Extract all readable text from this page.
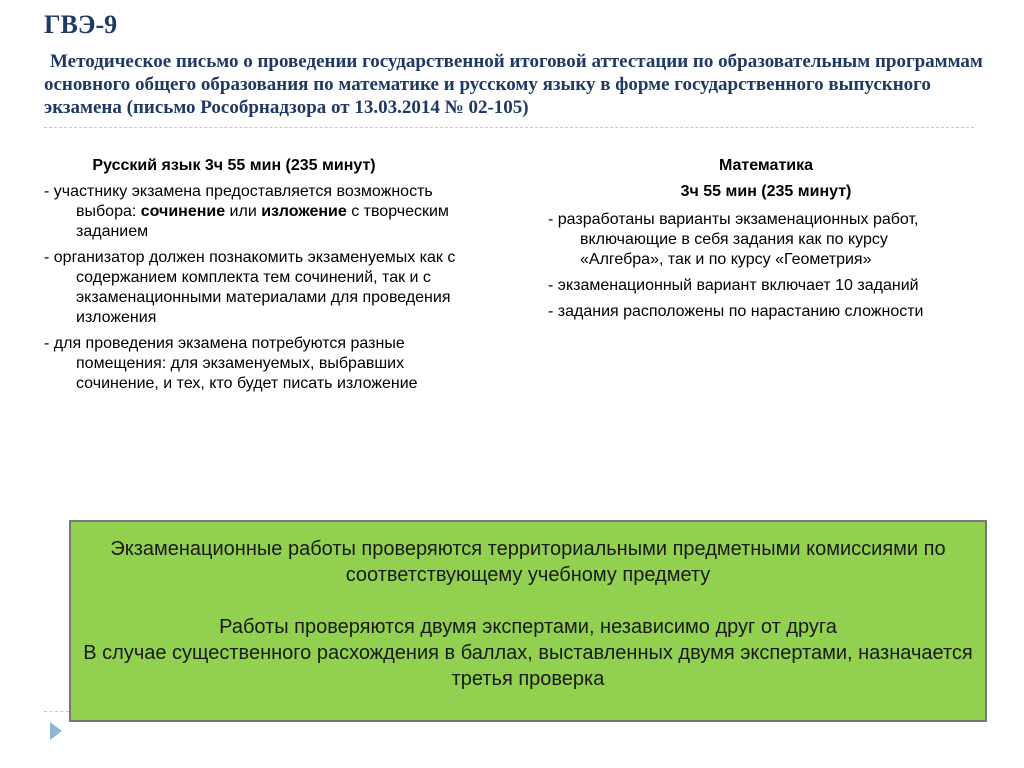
ГВЭ-9
Методическое письмо о проведении государственной итоговой аттестации по образовательным программам основного общего образования по математике и русскому языку в форме государственного выпускного экзамена (письмо Рособрнадзора от 13.03.2014 № 02-105)

Русский язык 3ч 55 мин (235 минут)

- участнику экзамена предоставляется возможность выбора: сочинение или изложение с творческим заданием

- организатор должен познакомить экзаменуемых как с содержанием комплекта тем сочинений, так и с экзаменационными материалами для проведения изложения

- для проведения экзамена потребуются разные помещения: для экзаменуемых, выбравших сочинение, и тех, кто будет писать изложение

Математика

3ч 55 мин (235 минут)

- разработаны варианты экзаменационных работ, включающие в себя задания как по курсу «Алгебра», так и по курсу «Геометрия»

- экзаменационный вариант включает 10 заданий

- задания расположены по нарастанию сложности

Экзаменационные работы проверяются территориальными предметными комиссиями по соответствующему учебному предмету

Работы проверяются двумя экспертами, независимо друг от друга

В случае существенного расхождения в баллах, выставленных двумя экспертами, назначается третья проверка
